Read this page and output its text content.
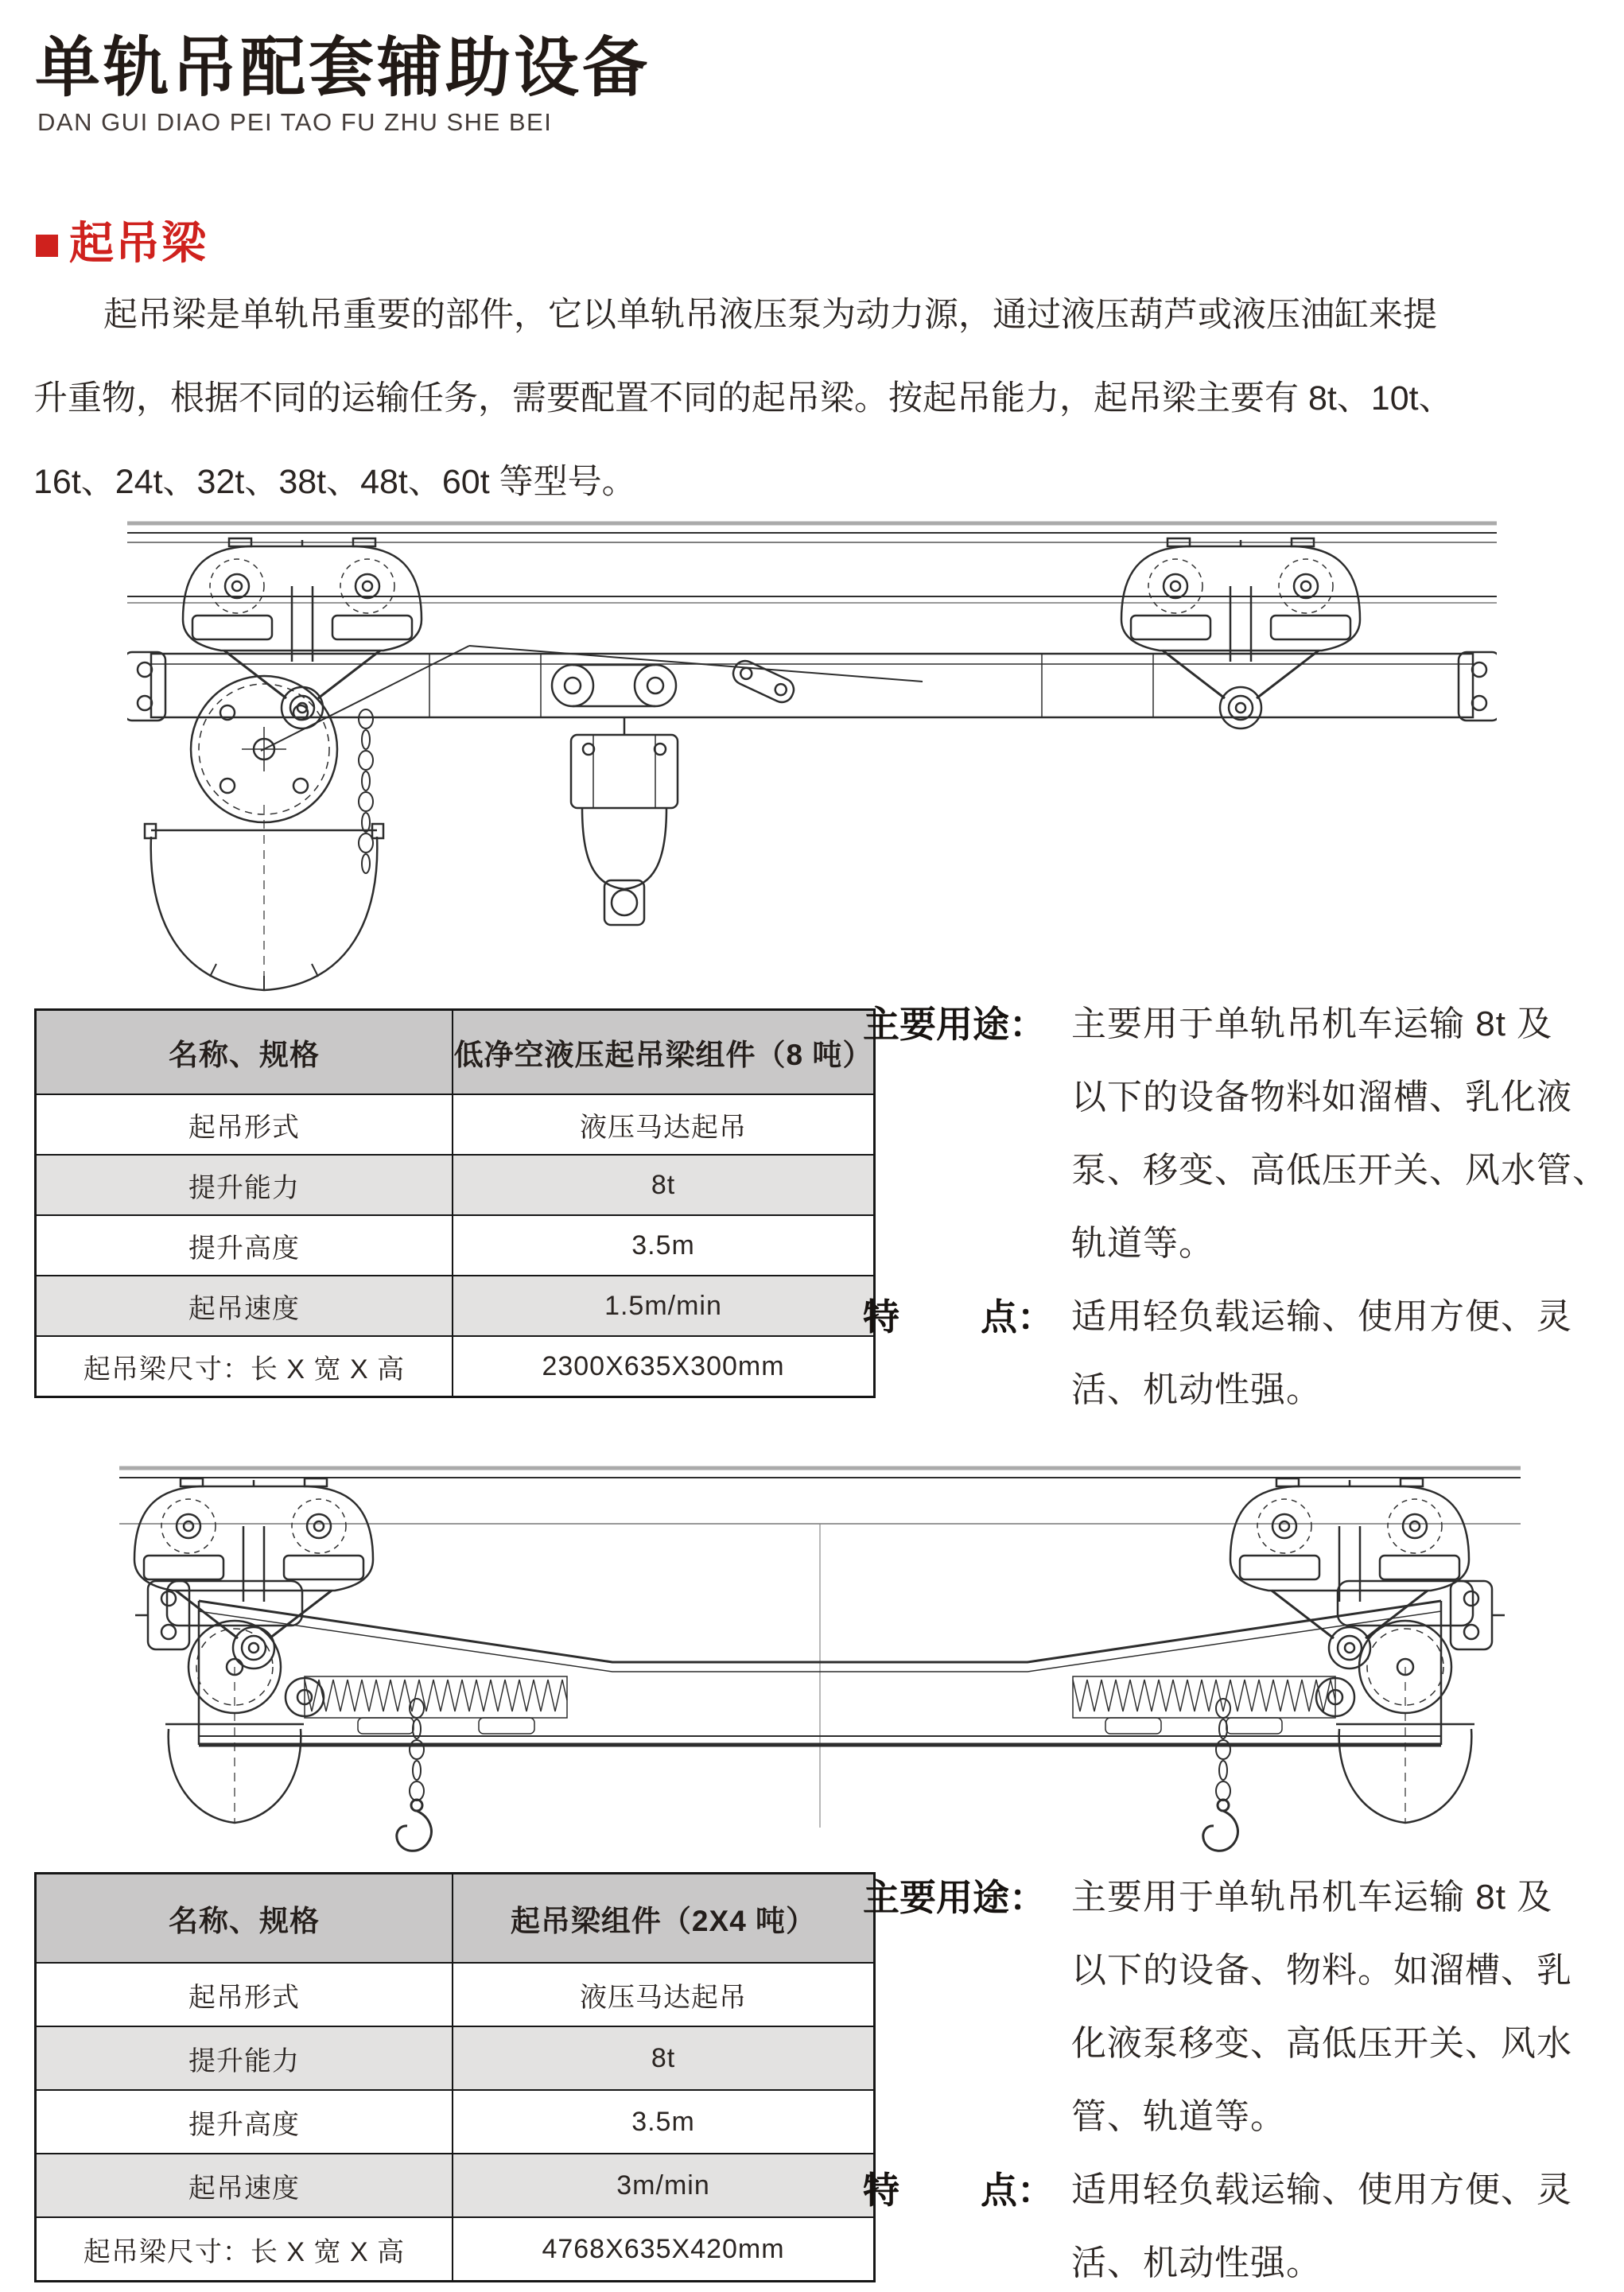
单轨吊配套辅助设备
DAN GUI DIAO PEI TAO FU ZHU SHE BEI
起吊梁
起吊梁是单轨吊重要的部件，它以单轨吊液压泵为动力源，通过液压葫芦或液压油缸来提
升重物，根据不同的运输任务，需要配置不同的起吊梁。按起吊能力，起吊梁主要有 8t、10t、
16t、24t、32t、38t、48t、60t 等型号。
名称、规格	低净空液压起吊梁组件（8 吨）
起吊形式	液压马达起吊
提升能力	8t
提升高度	3.5m
起吊速度	1.5m/min
起吊梁尺寸：长 X 宽 X 高	2300X635X300mm
主要用途： 主要用于单轨吊机车运输 8t 及
以下的设备物料如溜槽、乳化液
泵、移变、高低压开关、风水管、
轨道等。
特 点： 适用轻负载运输、使用方便、灵
活、机动性强。
名称、规格	起吊梁组件（2X4 吨）
起吊形式	液压马达起吊
提升能力	8t
提升高度	3.5m
起吊速度	3m/min
起吊梁尺寸：长 X 宽 X 高	4768X635X420mm
主要用途： 主要用于单轨吊机车运输 8t 及
以下的设备、物料。如溜槽、乳
化液泵移变、高低压开关、风水
管、轨道等。
特 点： 适用轻负载运输、使用方便、灵
活、机动性强。
